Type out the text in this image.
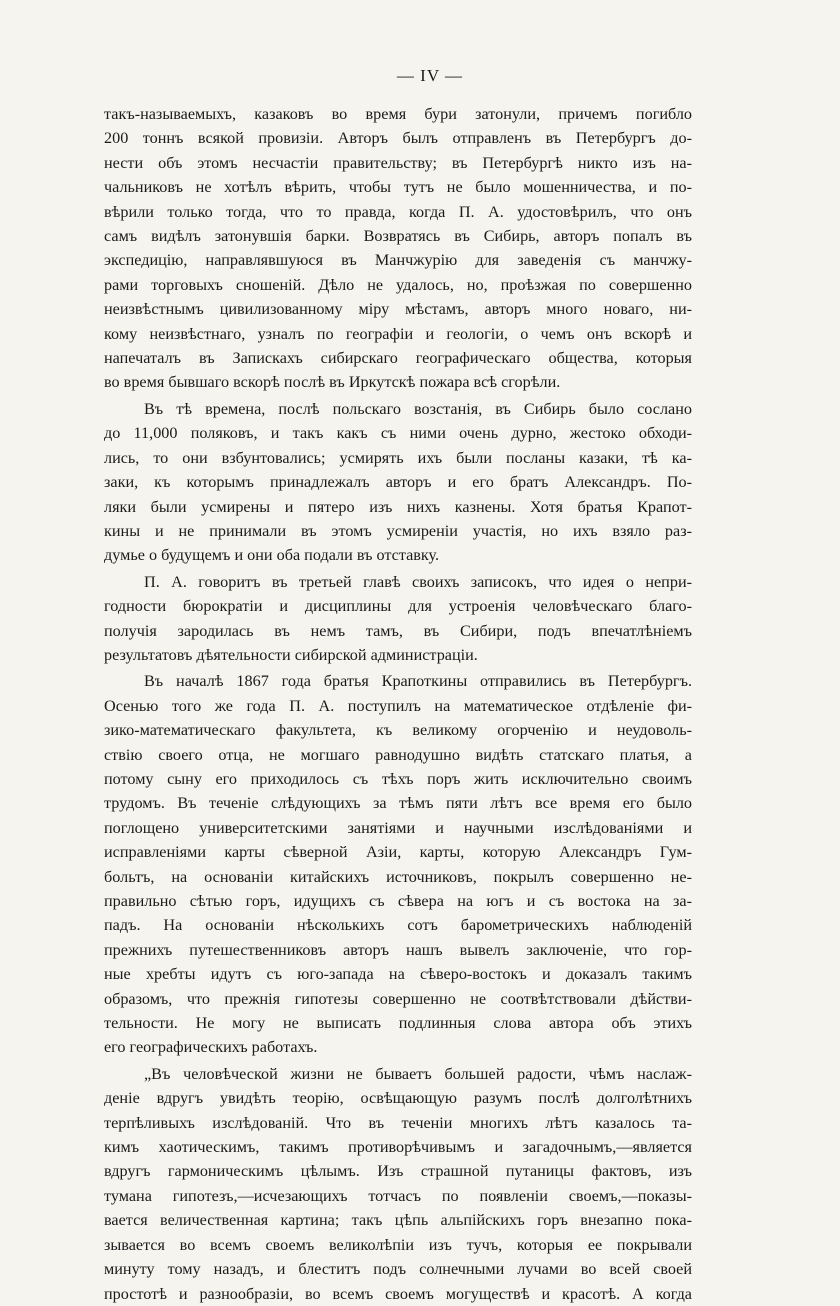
— IV —

такъ-называемыхъ, казаковъ во время бури затонули, причемъ погибло
200 тоннъ всякой провизіи. Авторъ былъ отправленъ въ Петербургъ до-
нести объ этомъ несчастіи правительству; въ Петербургѣ никто изъ на-
чальниковъ не хотѣлъ вѣрить, чтобы тутъ не было мошенничества, и по-
вѣрили только тогда, что то правда, когда П. А. удостовѣрилъ, что онъ
самъ видѣлъ затонувшія барки. Возвратясь въ Сибирь, авторъ попалъ въ
экспедицію, направлявшуюся въ Манчжурію для заведенія съ манчжу-
рами торговыхъ сношеній. Дѣло не удалось, но, проѣзжая по совершенно
неизвѣстнымъ цивилизованному міру мѣстамъ, авторъ много новаго, ни-
кому неизвѣстнаго, узналъ по географіи и геологіи, о чемъ онъ вскорѣ и
напечаталъ въ Запискахъ сибирскаго географическаго общества, которыя
во время бывшаго вскорѣ послѣ въ Иркутскѣ пожара всѣ сгорѣли.

Въ тѣ времена, послѣ польскаго возстанія, въ Сибирь было сослано
до 11,000 поляковъ, и такъ какъ съ ними очень дурно, жестоко обходи-
лись, то они взбунтовались; усмирять ихъ были посланы казаки, тѣ ка-
заки, къ которымъ принадлежалъ авторъ и его братъ Александръ. По-
ляки были усмирены и пятеро изъ нихъ казнены. Хотя братья Крапот-
кины и не принимали въ этомъ усмиреніи участія, но ихъ взяло раз-
думье о будущемъ и они оба подали въ отставку.

П. А. говоритъ въ третьей главѣ своихъ записокъ, что идея о непри-
годности бюрократіи и дисциплины для устроенія человѣческаго благо-
получія зародилась въ немъ тамъ, въ Сибири, подъ впечатлѣніемъ
результатовъ дѣятельности сибирской администраціи.

Въ началѣ 1867 года братья Крапоткины отправились въ Петербургъ.
Осенью того же года П. А. поступилъ на математическое отдѣленіе фи-
зико-математическаго факультета, къ великому огорченію и неудоволь-
ствію своего отца, не могшаго равнодушно видѣть статскаго платья, а
потому сыну его приходилось съ тѣхъ поръ жить исключительно своимъ
трудомъ. Въ теченіе слѣдующихъ за тѣмъ пяти лѣтъ все время его было
поглощено университетскими занятіями и научными изслѣдованіями и
исправленіями карты сѣверной Азіи, карты, которую Александръ Гум-
больтъ, на основаніи китайскихъ источниковъ, покрылъ совершенно не-
правильно сѣтью горъ, идущихъ съ сѣвера на югъ и съ востока на за-
падъ. На основаніи нѣсколькихъ сотъ барометрическихъ наблюденій
прежнихъ путешественниковъ авторъ нашъ вывелъ заключеніе, что гор-
ные хребты идутъ съ юго-запада на сѣверо-востокъ и доказалъ такимъ
образомъ, что прежнія гипотезы совершенно не соотвѣтствовали дѣйстви-
тельности. Не могу не выписать подлинныя слова автора объ этихъ
его географическихъ работахъ.

„Въ человѣческой жизни не бываетъ большей радости, чѣмъ наслаж-
деніе вдругъ увидѣть теорію, освѣщающую разумъ послѣ долголѣтнихъ
терпѣливыхъ изслѣдованій. Что въ теченіи многихъ лѣтъ казалось та-
кимъ хаотическимъ, такимъ противорѣчивымъ и загадочнымъ,—является
вдругъ гармоническимъ цѣлымъ. Изъ страшной путаницы фактовъ, изъ
тумана гипотезъ,—исчезающихъ тотчасъ по появленіи своемъ,—показы-
вается величественная картина; такъ цѣпь альпійскихъ горъ внезапно пока-
зывается во всемъ своемъ великолѣпіи изъ тучъ, которыя ее покрывали
минуту тому назадъ, и блеститъ подъ солнечными лучами во всей своей
простотѣ и разнообразіи, во всемъ своемъ могуществѣ и красотѣ. А когда
